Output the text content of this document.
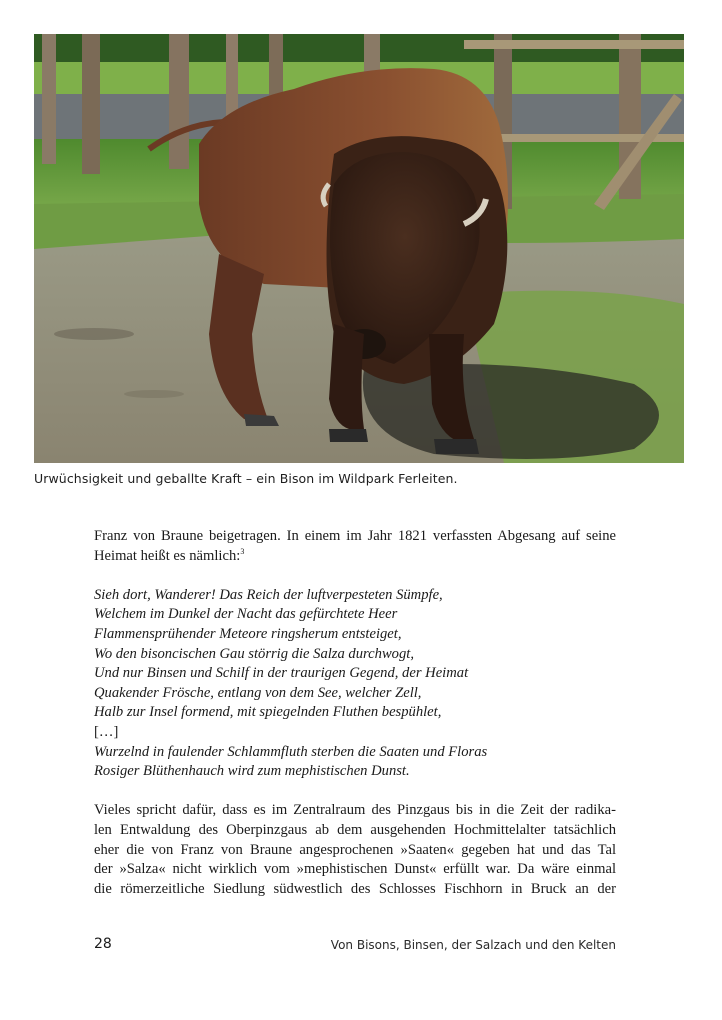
Urwüchsigkeit und geballte Kraft – ein Bison im Wildpark Ferleiten.
Franz von Braune beigetragen. In einem im Jahr 1821 verfassten Abgesang auf seine
Heimat heißt es nämlich:$^3$
Sieh dort, Wanderer! Das Reich der luftverpesteten Sümpfe,
Welchem im Dunkel der Nacht das gefürchtete Heer
Flammensprühender Meteore ringsherum entsteiget,
Wo den bisoncischen Gau störrig die Salza durchwogt,
Und nur Binsen und Schilf in der traurigen Gegend, der Heimat
Quakender Frösche, entlang von dem See, welcher Zell,
Halb zur Insel formend, mit spiegelnden Fluthen bespühlet,
[…]
Wurzelnd in faulender Schlammfluth sterben die Saaten und Floras
Rosiger Blüthenhauch wird zum mephistischen Dunst.
Vieles spricht dafür, dass es im Zentralraum des Pinzgaus bis in die Zeit der radika-
len Entwaldung des Oberpinzgaus ab dem ausgehenden Hochmittelalter tatsächlich
eher die von Franz von Braune angesprochenen »Saaten« gegeben hat und das Tal
der »Salza« nicht wirklich vom »mephistischen Dunst« erfüllt war. Da wäre einmal
die römerzeitliche Siedlung südwestlich des Schlosses Fischhorn in Bruck an der
28	Von Bisons, Binsen, der Salzach und den Kelten
